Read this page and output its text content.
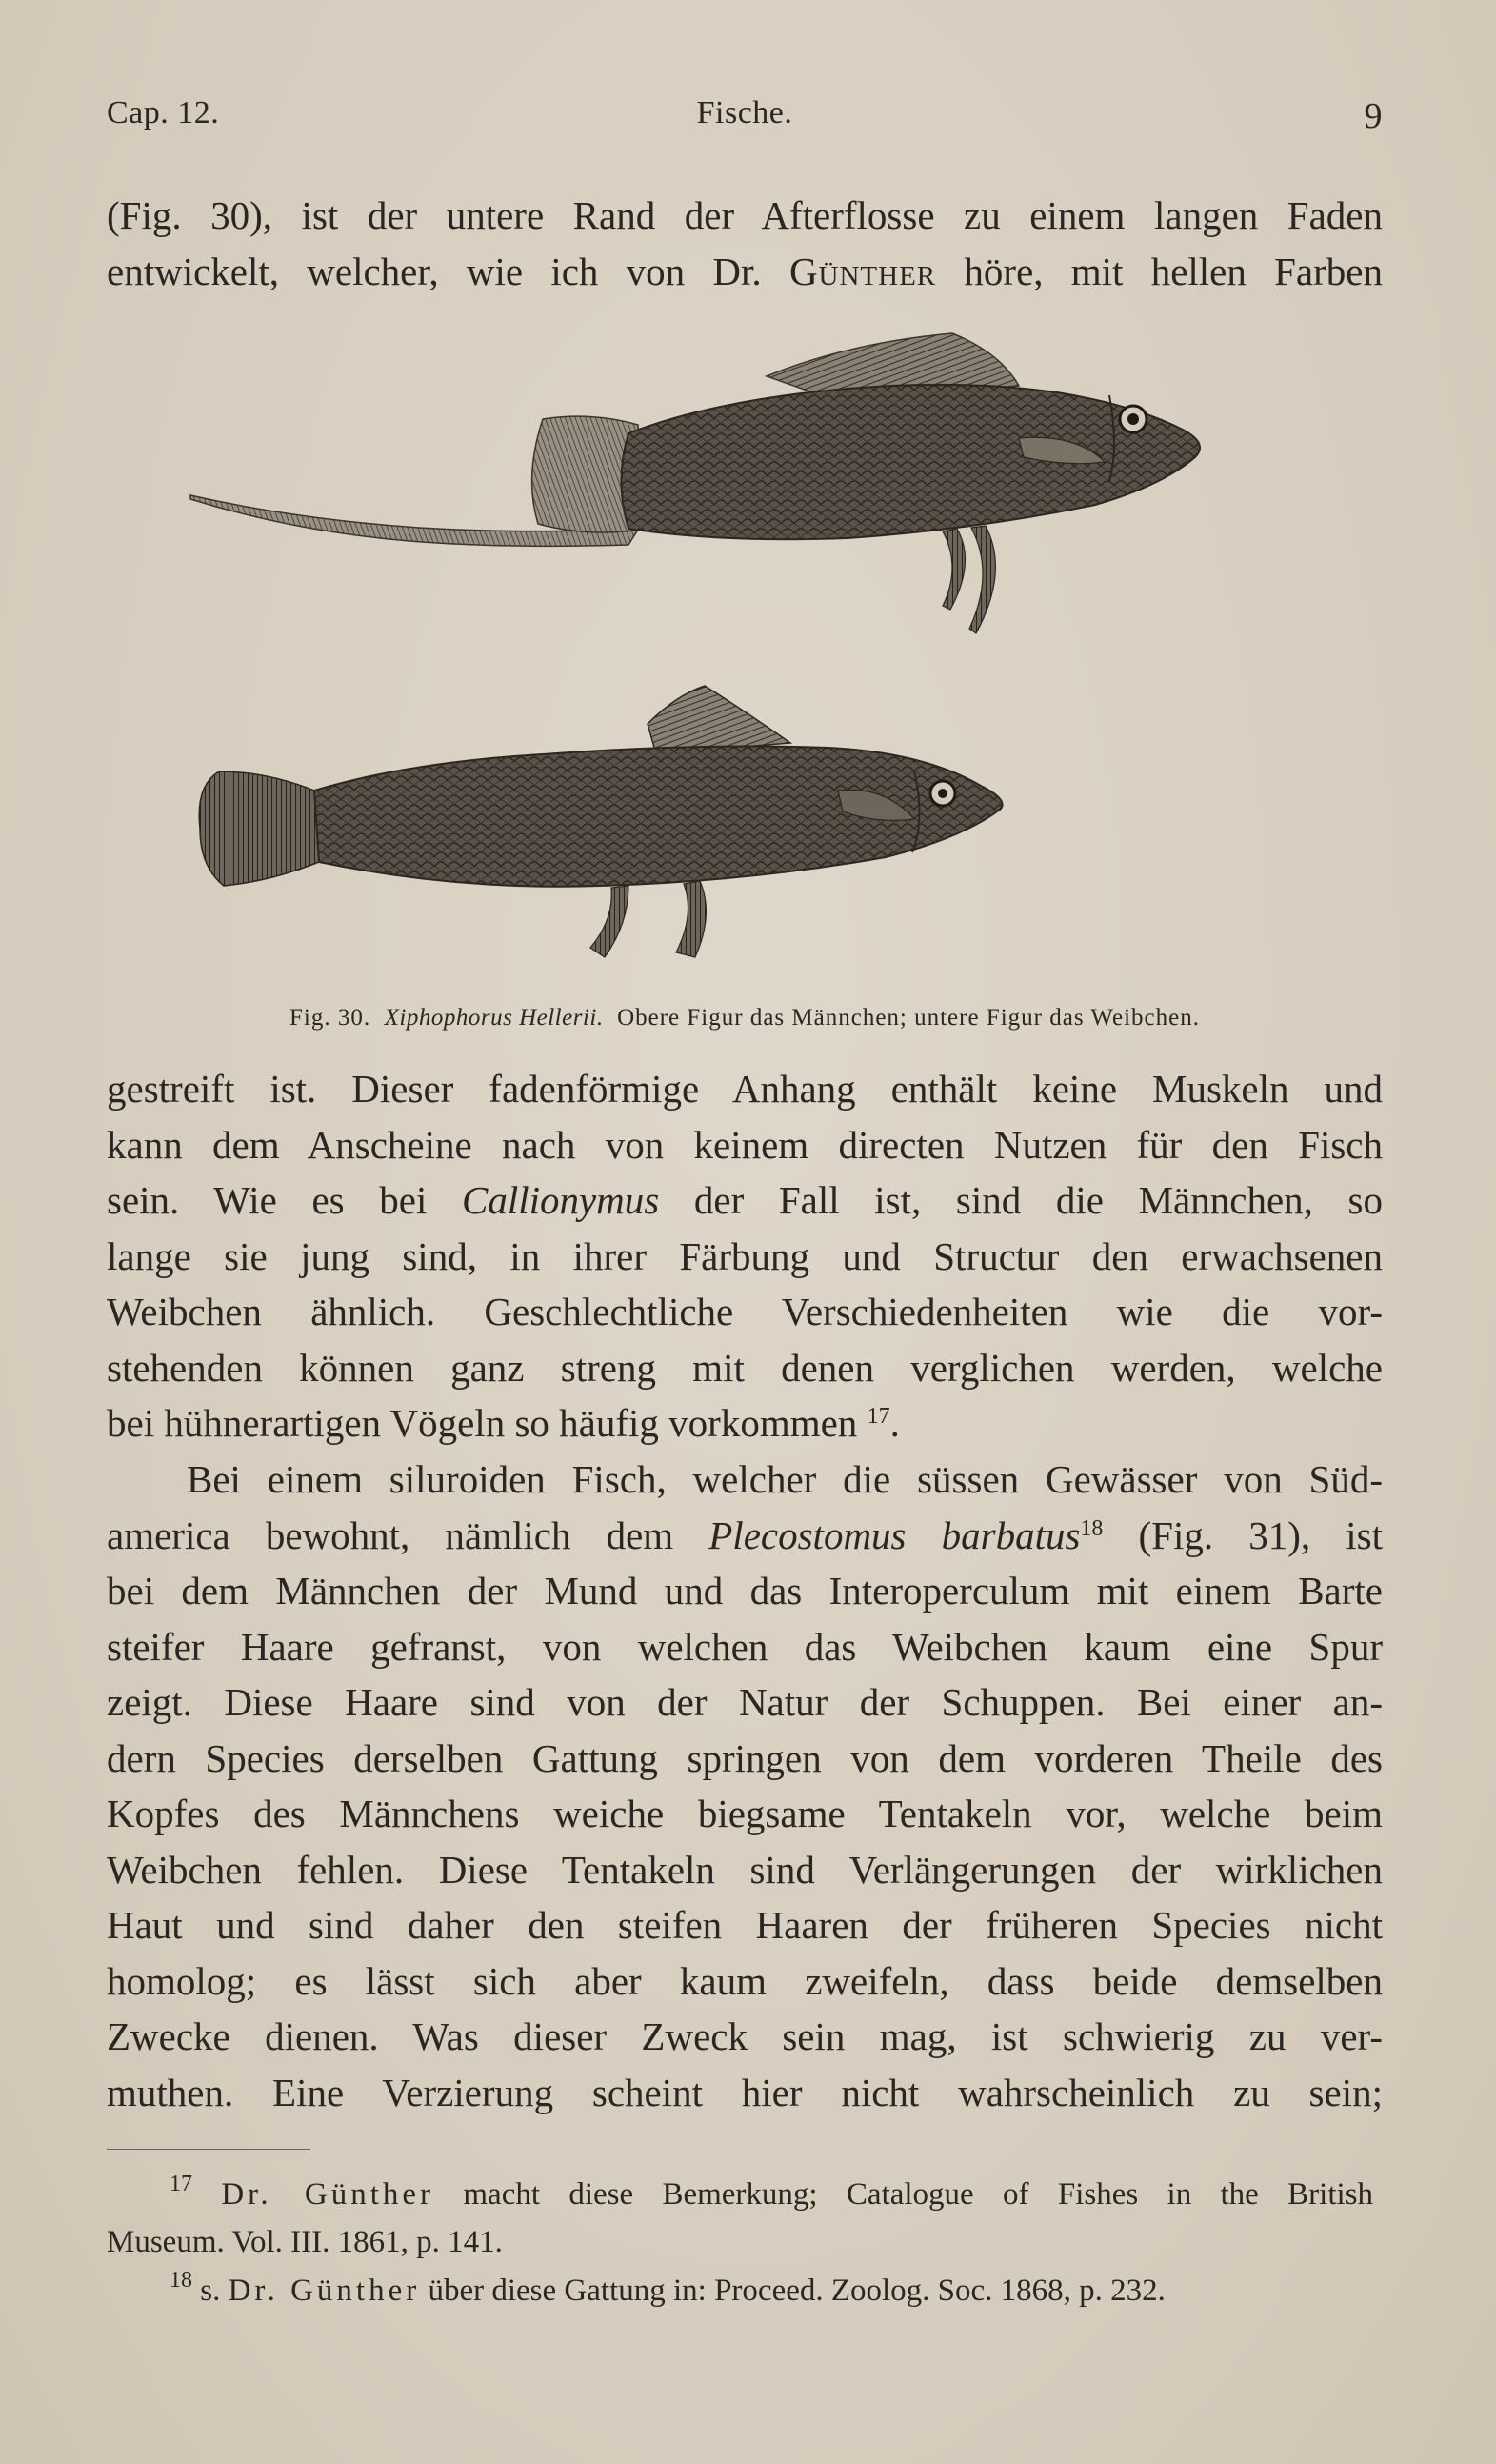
Cap. 12.	Fische.	9
(Fig. 30), ist der untere Rand der Afterflosse zu einem langen Faden
entwickelt, welcher, wie ich von Dr. Günther höre, mit hellen Farben
Fig. 30. Xiphophorus Hellerii. Obere Figur das Männchen; untere Figur das Weibchen.
gestreift ist. Dieser fadenförmige Anhang enthält keine Muskeln und
kann dem Anscheine nach von keinem directen Nutzen für den Fisch
sein. Wie es bei Callionymus der Fall ist, sind die Männchen, so
lange sie jung sind, in ihrer Färbung und Structur den erwachsenen
Weibchen ähnlich. Geschlechtliche Verschiedenheiten wie die vor-
stehenden können ganz streng mit denen verglichen werden, welche
bei hühnerartigen Vögeln so häufig vorkommen $^{17}$.
Bei einem siluroiden Fisch, welcher die süssen Gewässer von Süd-
america bewohnt, nämlich dem Plecostomus barbatus$^{18}$ (Fig. 31), ist
bei dem Männchen der Mund und das Interoperculum mit einem Barte
steifer Haare gefranst, von welchen das Weibchen kaum eine Spur
zeigt. Diese Haare sind von der Natur der Schuppen. Bei einer an-
dern Species derselben Gattung springen von dem vorderen Theile des
Kopfes des Männchens weiche biegsame Tentakeln vor, welche beim
Weibchen fehlen. Diese Tentakeln sind Verlängerungen der wirklichen
Haut und sind daher den steifen Haaren der früheren Species nicht
homolog; es lässt sich aber kaum zweifeln, dass beide demselben
Zwecke dienen. Was dieser Zweck sein mag, ist schwierig zu ver-
muthen. Eine Verzierung scheint hier nicht wahrscheinlich zu sein;
$^{17}$ Dr. Günther macht diese Bemerkung; Catalogue of Fishes in the British
Museum. Vol. III. 1861, p. 141.
$^{18}$ s. Dr. Günther über diese Gattung in: Proceed. Zoolog. Soc. 1868, p. 232.
